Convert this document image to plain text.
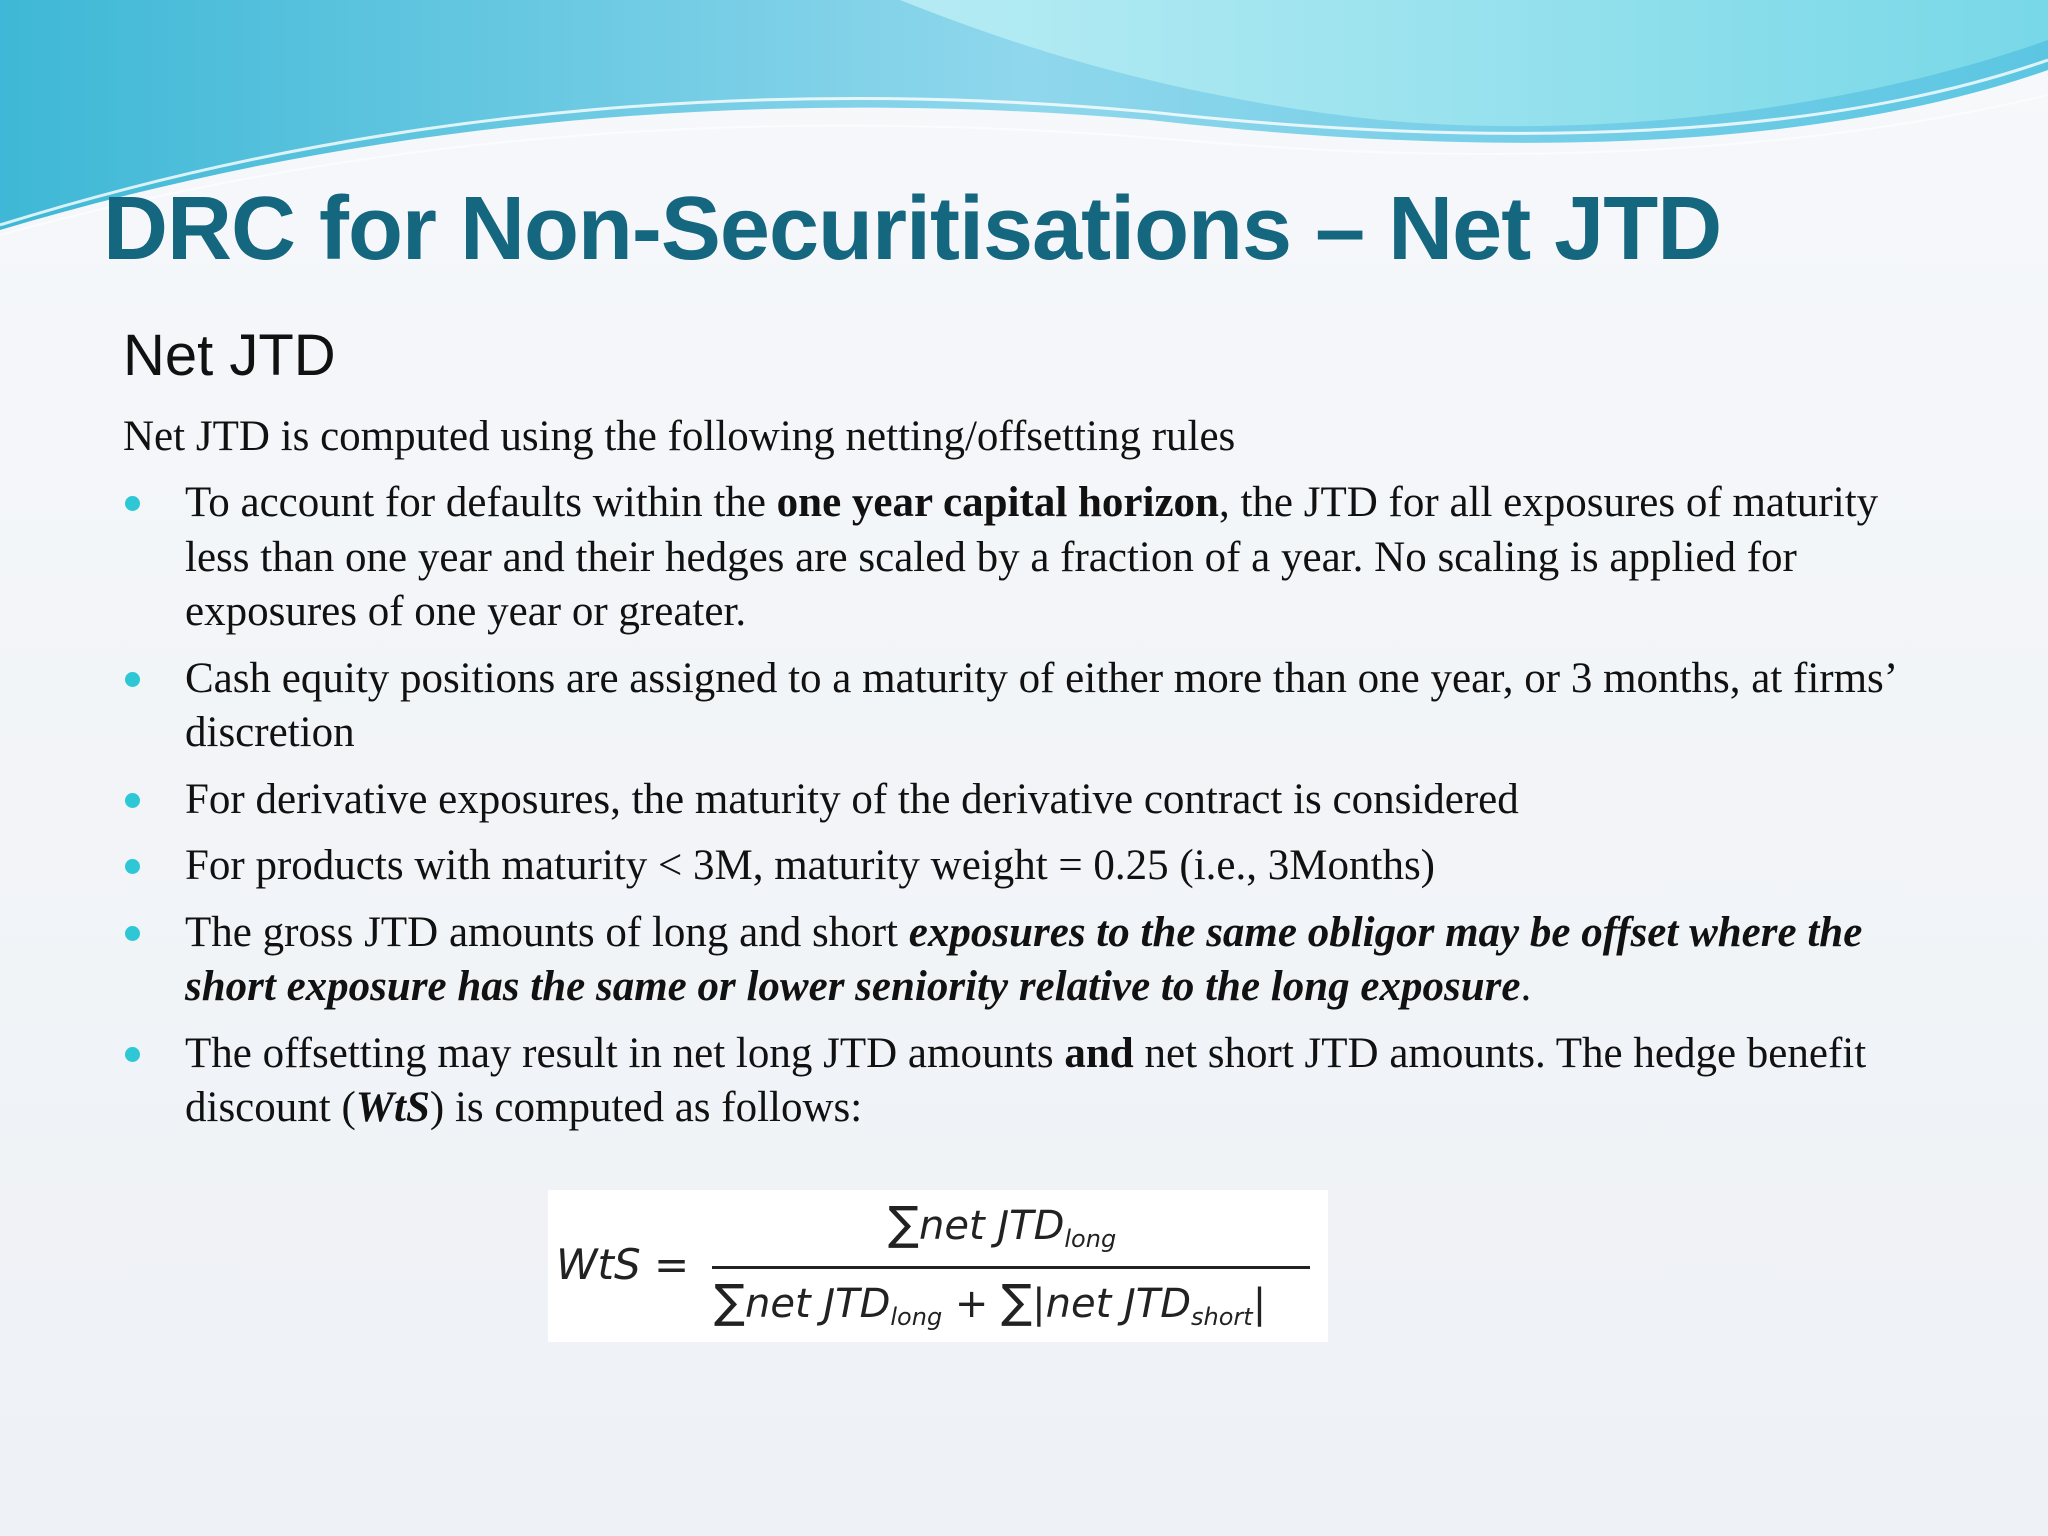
DRC for Non-Securitisations – Net JTD
Net JTD

Net JTD is computed using the following netting/offsetting rules

To account for defaults within the one year capital horizon, the JTD for all exposures of maturity less than one year and their hedges are scaled by a fraction of a year. No scaling is applied for exposures of one year or greater.
Cash equity positions are assigned to a maturity of either more than one year, or 3 months, at firms’ discretion
For derivative exposures, the maturity of the derivative contract is considered
For products with maturity < 3M, maturity weight = 0.25 (i.e., 3Months)
The gross JTD amounts of long and short exposures to the same obligor may be offset where the short exposure has the same or lower seniority relative to the long exposure.
The offsetting may result in net long JTD amounts and net short JTD amounts. The hedge benefit discount (WtS) is computed as follows:
WtS =
∑net $JTD_{long}$
∑net $JTD_{long} + \sum|net$ $JTD_{short}|$
